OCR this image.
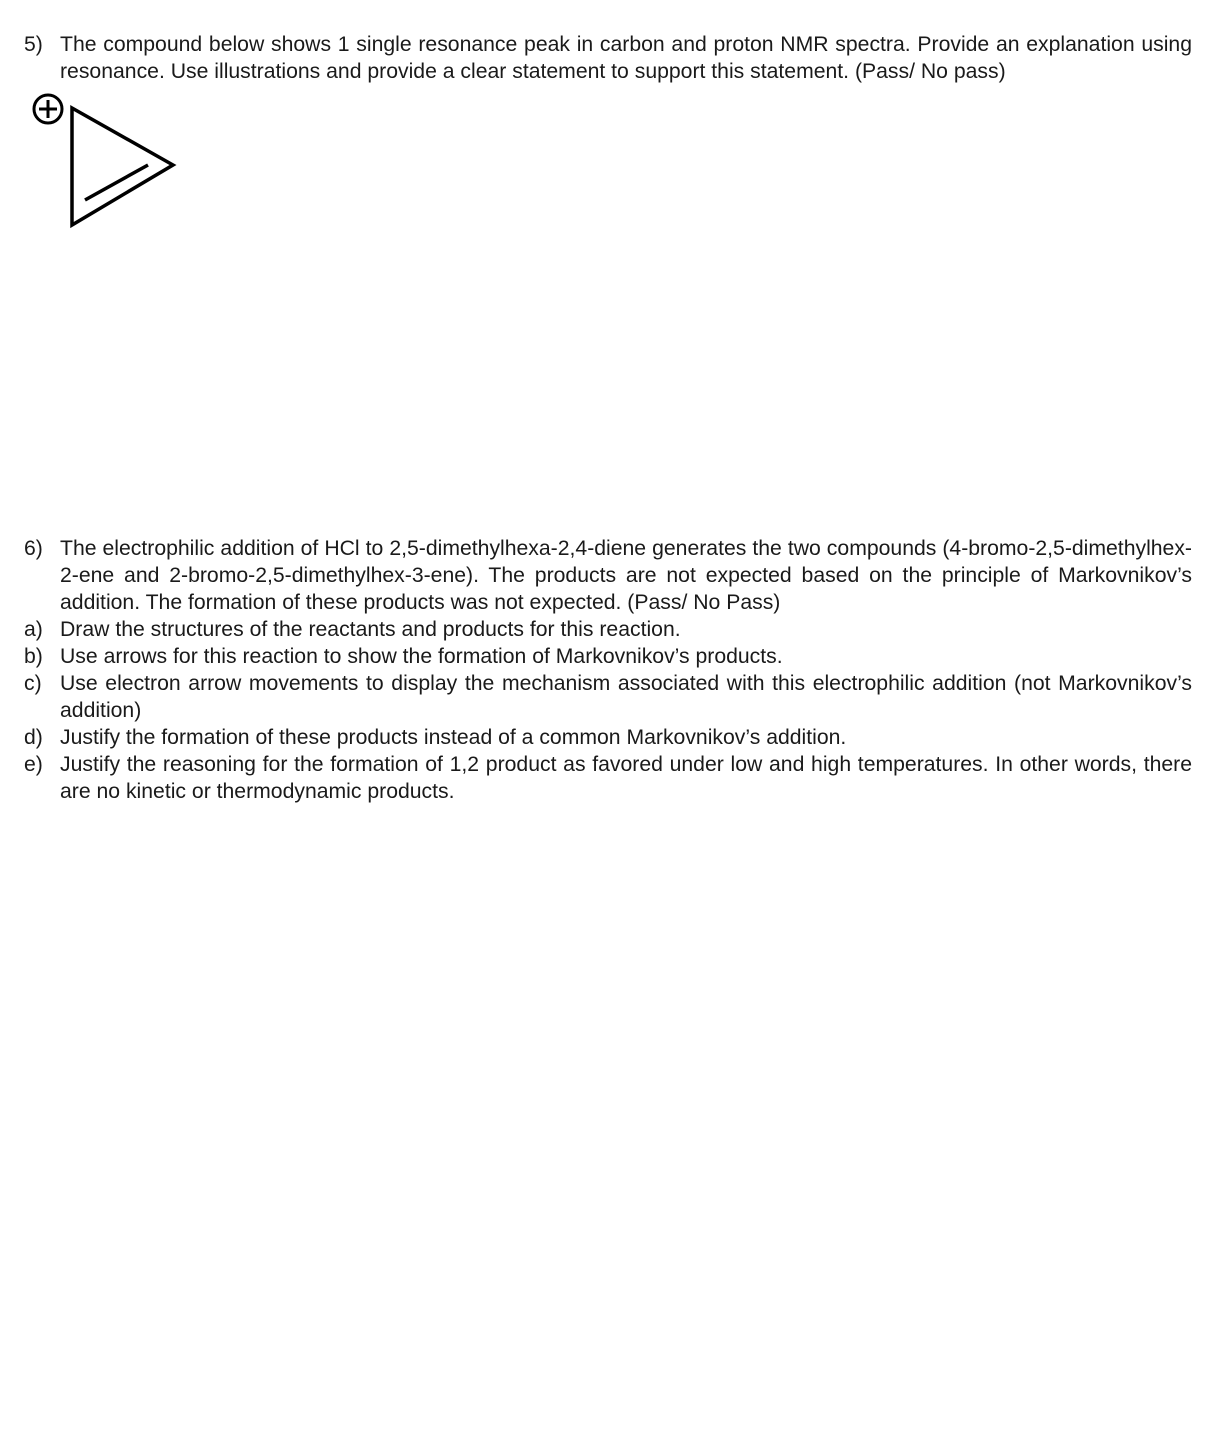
5) The compound below shows 1 single resonance peak in carbon and proton NMR spectra. Provide an explanation using resonance. Use illustrations and provide a clear statement to support this statement. (Pass/ No pass)
6) The electrophilic addition of HCl to 2,5-dimethylhexa-2,4-diene generates the two compounds (4-bromo-2,5-dimethylhex-2-ene and 2-bromo-2,5-dimethylhex-3-ene). The products are not expected based on the principle of Markovnikov’s addition. The formation of these products was not expected. (Pass/ No Pass)
a) Draw the structures of the reactants and products for this reaction.
b) Use arrows for this reaction to show the formation of Markovnikov’s products.
c) Use electron arrow movements to display the mechanism associated with this electrophilic addition (not Markovnikov’s addition)
d) Justify the formation of these products instead of a common Markovnikov’s addition.
e) Justify the reasoning for the formation of 1,2 product as favored under low and high temperatures. In other words, there are no kinetic or thermodynamic products.
